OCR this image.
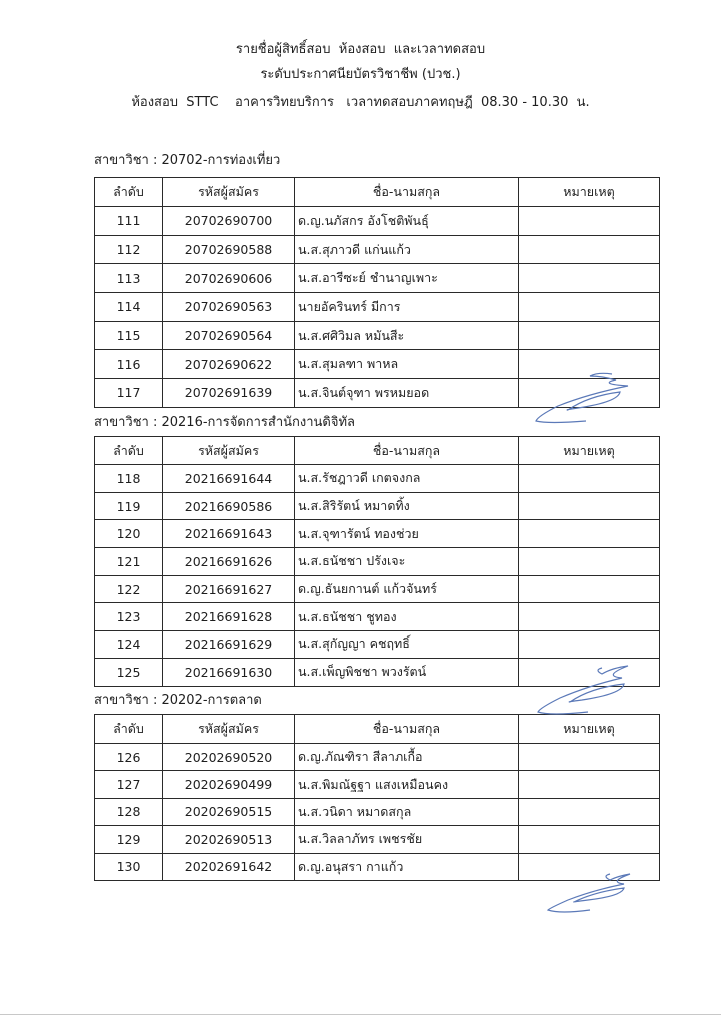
รายชื่อผู้สิทธิ์สอบ  ห้องสอบ  และเวลาทดสอบ
ระดับประกาศนียบัตรวิชาชีพ (ปวช.)
ห้องสอบ  STTC    อาคารวิทยบริการ   เวลาทดสอบภาคทฤษฎี  08.30 - 10.30  น.
สาขาวิชา : 20702-การท่องเที่ยว
ลำดับ	รหัสผู้สมัคร	ชื่อ-นามสกุล	หมายเหตุ
111	20702690700	ด.ญ.นภัสกร อังโชติพันธุ์	
112	20702690588	น.ส.สุภาวดี แก่นแก้ว	
113	20702690606	น.ส.อารีซะย์ ชำนาญเพาะ	
114	20702690563	นายอัครินทร์ มีการ	
115	20702690564	น.ส.ศศิวิมล หมันสีะ	
116	20702690622	น.ส.สุมลฑา พาหล	
117	20702691639	น.ส.จินต์จุฑา พรหมยอด	
สาขาวิชา : 20216-การจัดการสำนักงานดิจิทัล
ลำดับ	รหัสผู้สมัคร	ชื่อ-นามสกุล	หมายเหตุ
118	20216691644	น.ส.รัชฎาวดี เกตจงกล	
119	20216690586	น.ส.สิริรัตน์ หมาดทิ้ง	
120	20216691643	น.ส.จุฑารัตน์ ทองช่วย	
121	20216691626	น.ส.ธนัชชา ปรังเจะ	
122	20216691627	ด.ญ.ธันยกานต์ แก้วจันทร์	
123	20216691628	น.ส.ธนัชชา ชูทอง	
124	20216691629	น.ส.สุกัญญา คชฤทธิ์	
125	20216691630	น.ส.เพ็ญพิชชา พวงรัตน์	
สาขาวิชา : 20202-การตลาด
ลำดับ	รหัสผู้สมัคร	ชื่อ-นามสกุล	หมายเหตุ
126	20202690520	ด.ญ.ภัณฑิรา สีลาภเกื้อ	
127	20202690499	น.ส.พิมณัฐฐา แสงเหมือนคง	
128	20202690515	น.ส.วนิดา หมาดสกุล	
129	20202690513	น.ส.วิลลาภัทร เพชรชัย	
130	20202691642	ด.ญ.อนุสรา กาแก้ว	
